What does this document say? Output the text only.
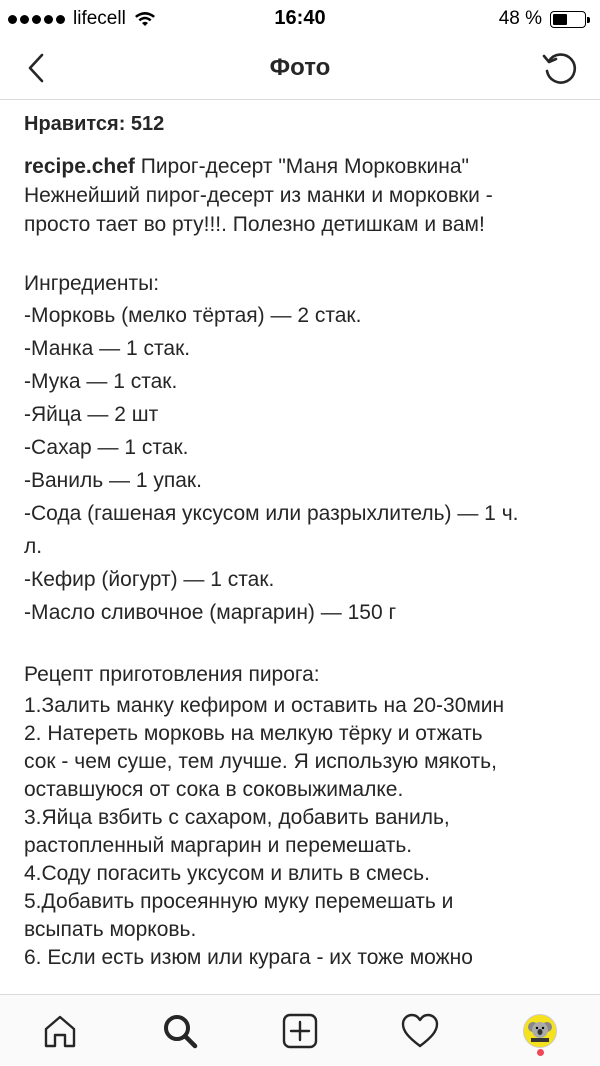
lifecell	16:40	48 %
Фото
Нравится: 512
recipe.chef Пирог-десерт "Маня Морковкина"
Нежнейший пирог-десерт из манки и морковки -
просто тает во рту!!!. Полезно детишкам и вам!
Ингредиенты:
-Морковь (мелко тёртая) — 2 стак.
-Манка — 1 стак.
-Мука — 1 стак.
-Яйца — 2 шт
-Сахар — 1 стак.
-Ваниль — 1 упак.
-Сода (гашеная уксусом или разрыхлитель) — 1 ч.
л.
-Кефир (йогурт) — 1 стак.
-Масло сливочное (маргарин) — 150 г
Рецепт приготовления пирога:
1.Залить манку кефиром и оставить на 20-30мин
2. Натереть морковь на мелкую тёрку и отжать
сок - чем суше, тем лучше. Я использую мякоть,
оставшуюся от сока в соковыжималке.
3.Яйца взбить с сахаром, добавить ваниль,
растопленный маргарин и перемешать.
4.Соду погасить уксусом и влить в смесь.
5.Добавить просеянную муку перемешать и
всыпать морковь.
6. Если есть изюм или курага - их тоже можно
